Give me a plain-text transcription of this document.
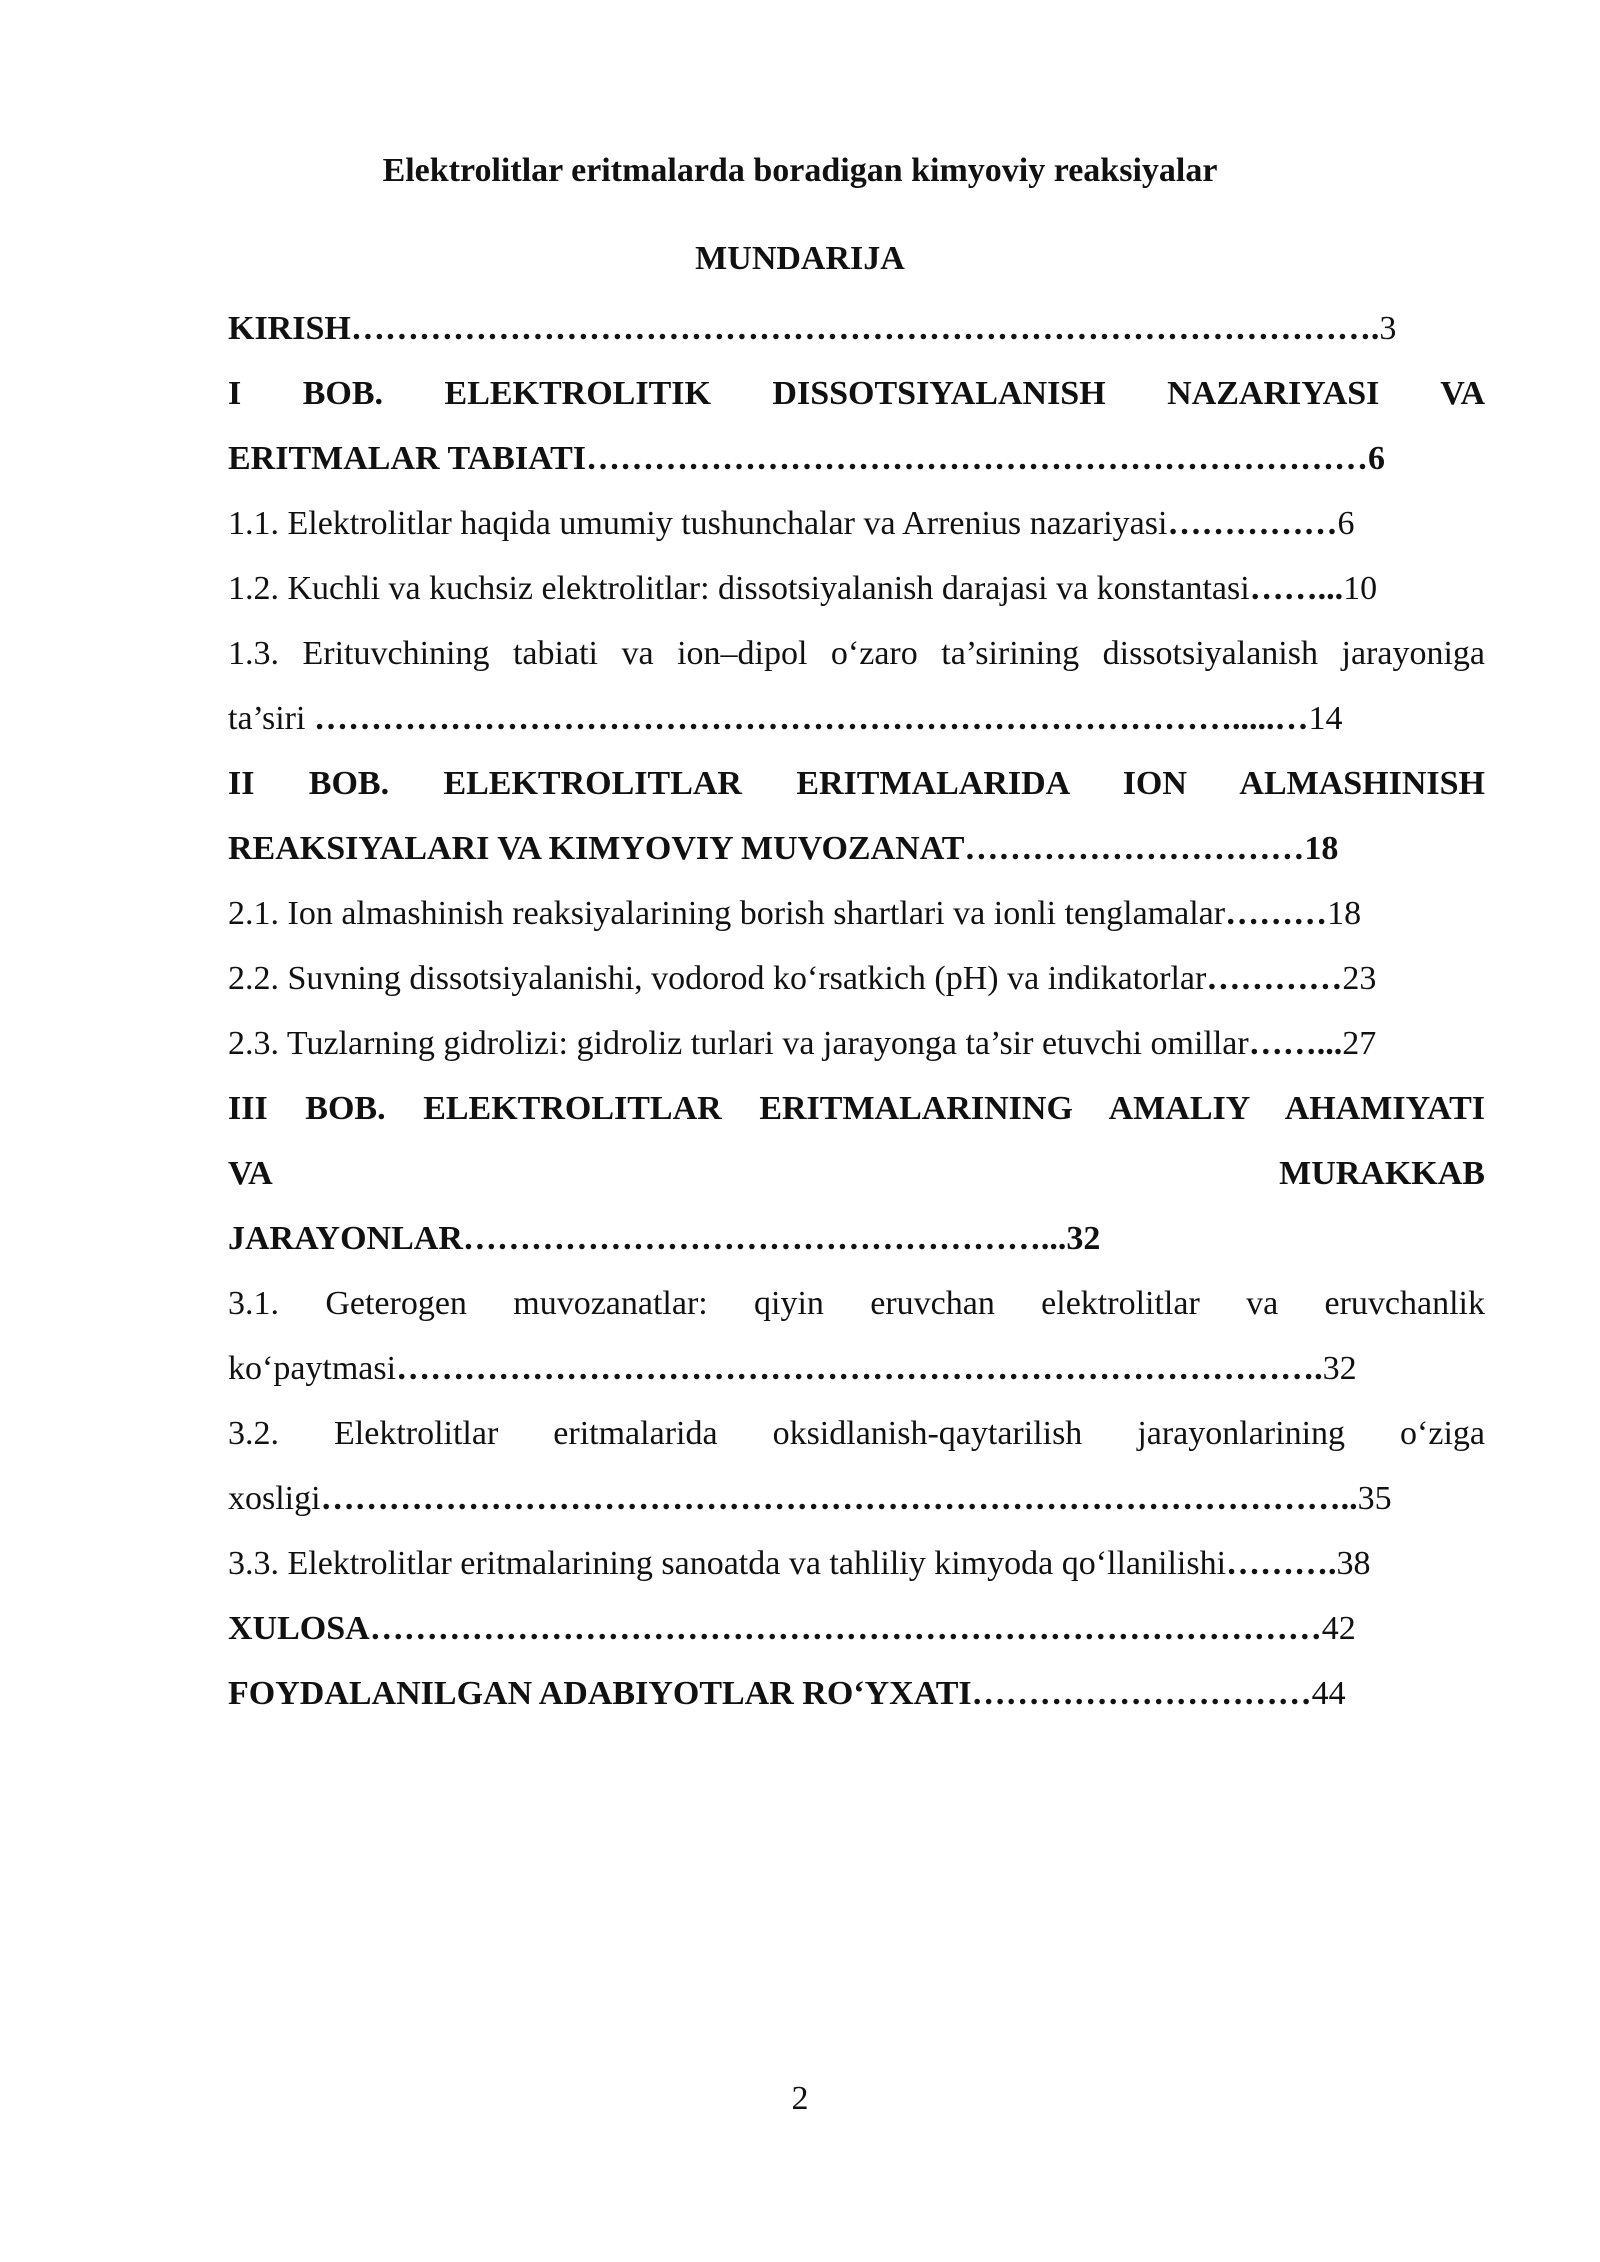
Elektrolitlar eritmalarda boradigan kimyoviy reaksiyalar
MUNDARIJA
KIRISH……………………………………………………………………………….3
I BOB. ELEKTROLITIK DISSOTSIYALANISH NAZARIYASI VA
ERITMALAR TABIATI……………………………………………………………6
1.1. Elektrolitlar haqida umumiy tushunchalar va Arrenius nazariyasi……………6
1.2. Kuchli va kuchsiz elektrolitlar: dissotsiyalanish darajasi va konstantasi……...10
1.3. Erituvchining tabiati va ion–dipol o‘zaro ta’sirining dissotsiyalanish jarayoniga
ta’siri ……………………………………………………………………….....…14
II BOB. ELEKTROLITLAR ERITMALARIDA ION ALMASHINISH
REAKSIYALARI VA KIMYOVIY MUVOZANAT…………………………18
2.1. Ion almashinish reaksiyalarining borish shartlari va ionli tenglamalar………18
2.2. Suvning dissotsiyalanishi, vodorod ko‘rsatkich (pH) va indikatorlar…………23
2.3. Tuzlarning gidrolizi: gidroliz turlari va jarayonga ta’sir etuvchi omillar……...27
III BOB. ELEKTROLITLAR ERITMALARINING AMALIY AHAMIYATI
VA	MURAKKAB
JARAYONLAR……………………………………………...32
3.1. Geterogen muvozanatlar: qiyin eruvchan elektrolitlar va eruvchanlik
ko‘paytmasi……………………………………………………………………….32
3.2. Elektrolitlar eritmalarida oksidlanish-qaytarilish jarayonlarining o‘ziga
xosligi………………………………………………………………………………..35
3.3. Elektrolitlar eritmalarining sanoatda va tahliliy kimyoda qo‘llanilishi……….38
XULOSA…………………………………………………………………………42
FOYDALANILGAN ADABIYOTLAR RO‘YXATI…………………………44
2
